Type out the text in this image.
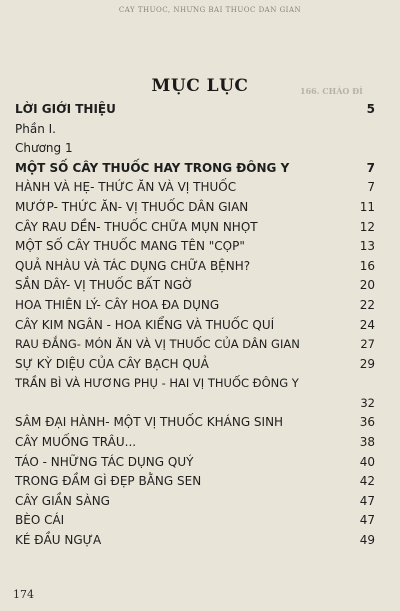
CÂY THUỐC, NHỮNG BÀI THUỐC DÂN GIAN
166. CHÁO ĐÌ
MỤC LỤC
LỜI GIỚI THIỆU	5
Phần I.
Chương 1
MỘT SỐ CÂY THUỐC HAY TRONG ĐÔNG Y	7
HÀNH VÀ HẸ- THỨC ĂN VÀ VỊ THUỐC	7
MƯỚP- THỨC ĂN- VỊ THUỐC DÂN GIAN	11
CÂY RAU DỀN- THUỐC CHỮA MỤN NHỌT	12
MỘT SỐ CÂY THUỐC MANG TÊN "CỌP"	13
QUẢ NHÀU VÀ TÁC DỤNG CHỮA BỆNH?	16
SẮN DÂY- VỊ THUỐC BẤT NGỜ	20
HOA THIÊN LÝ- CÂY HOA ĐA DỤNG	22
CÂY KIM NGÂN - HOA KIỂNG VÀ THUỐC QUÍ	24
RAU ĐẮNG- MÓN ĂN VÀ VỊ THUỐC CỦA DÂN GIAN	27
SỰ KỲ DIỆU CỦA CÂY BẠCH QUẢ	29
TRẦN BÌ VÀ HƯƠNG PHỤ - HAI VỊ THUỐC ĐÔNG Y
32
SÂM ĐẠI HÀNH- MỘT VỊ THUỐC KHÁNG SINH	36
CÂY MUỐNG TRÂU...	38
TÁO - NHỮNG TÁC DỤNG QUÝ	40
TRONG ĐẦM GÌ ĐẸP BẰNG SEN	42
CÂY GIẦN SÀNG	47
BÈO CÁI	47
KÉ ĐẦU NGỰA	49
174
